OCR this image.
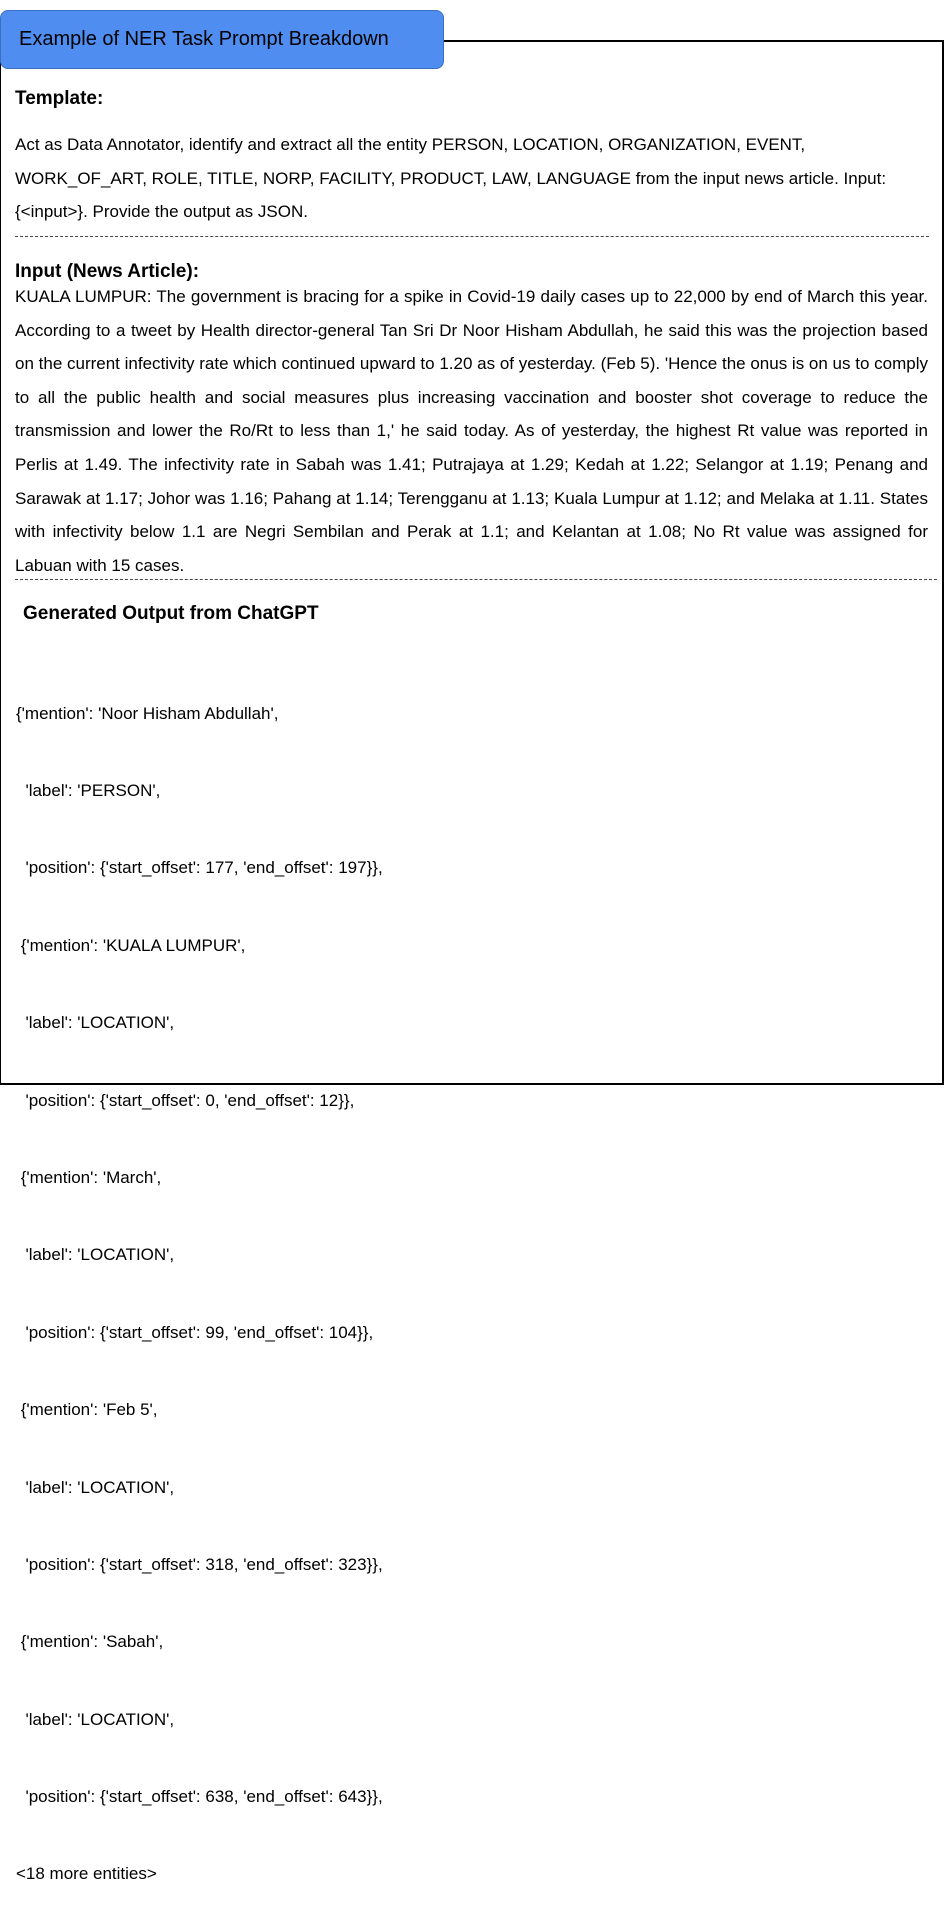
Example of NER Task Prompt Breakdown
Template:
Act as Data Annotator, identify and extract all the entity PERSON, LOCATION, ORGANIZATION, EVENT, WORK_OF_ART, ROLE, TITLE, NORP, FACILITY, PRODUCT, LAW, LANGUAGE from the input news article. Input: {<input>}. Provide the output as JSON.
Input (News Article):
KUALA LUMPUR: The government is bracing for a spike in Covid-19 daily cases up to 22,000 by end of March this year. According to a tweet by Health director-general Tan Sri Dr Noor Hisham Abdullah, he said this was the projection based on the current infectivity rate which continued upward to 1.20 as of yesterday. (Feb 5). 'Hence the onus is on us to comply to all the public health and social measures plus increasing vaccination and booster shot coverage to reduce the transmission and lower the Ro/Rt to less than 1,' he said today. As of yesterday, the highest Rt value was reported in Perlis at 1.49. The infectivity rate in Sabah was 1.41; Putrajaya at 1.29; Kedah at 1.22; Selangor at 1.19; Penang and Sarawak at 1.17; Johor was 1.16; Pahang at 1.14; Terengganu at 1.13; Kuala Lumpur at 1.12; and Melaka at 1.11. States with infectivity below 1.1 are Negri Sembilan and Perak at 1.1; and Kelantan at 1.08; No Rt value was assigned for Labuan with 15 cases.
Generated Output from ChatGPT

{'mention': 'Noor Hisham Abdullah',

'label': 'PERSON',

'position': {'start_offset': 177, 'end_offset': 197}},

{'mention': 'KUALA LUMPUR',

'label': 'LOCATION',

'position': {'start_offset': 0, 'end_offset': 12}},

{'mention': 'March',

'label': 'LOCATION',

'position': {'start_offset': 99, 'end_offset': 104}},

{'mention': 'Feb 5',

'label': 'LOCATION',

'position': {'start_offset': 318, 'end_offset': 323}},

{'mention': 'Sabah',

'label': 'LOCATION',

'position': {'start_offset': 638, 'end_offset': 643}},

<18 more entities>
